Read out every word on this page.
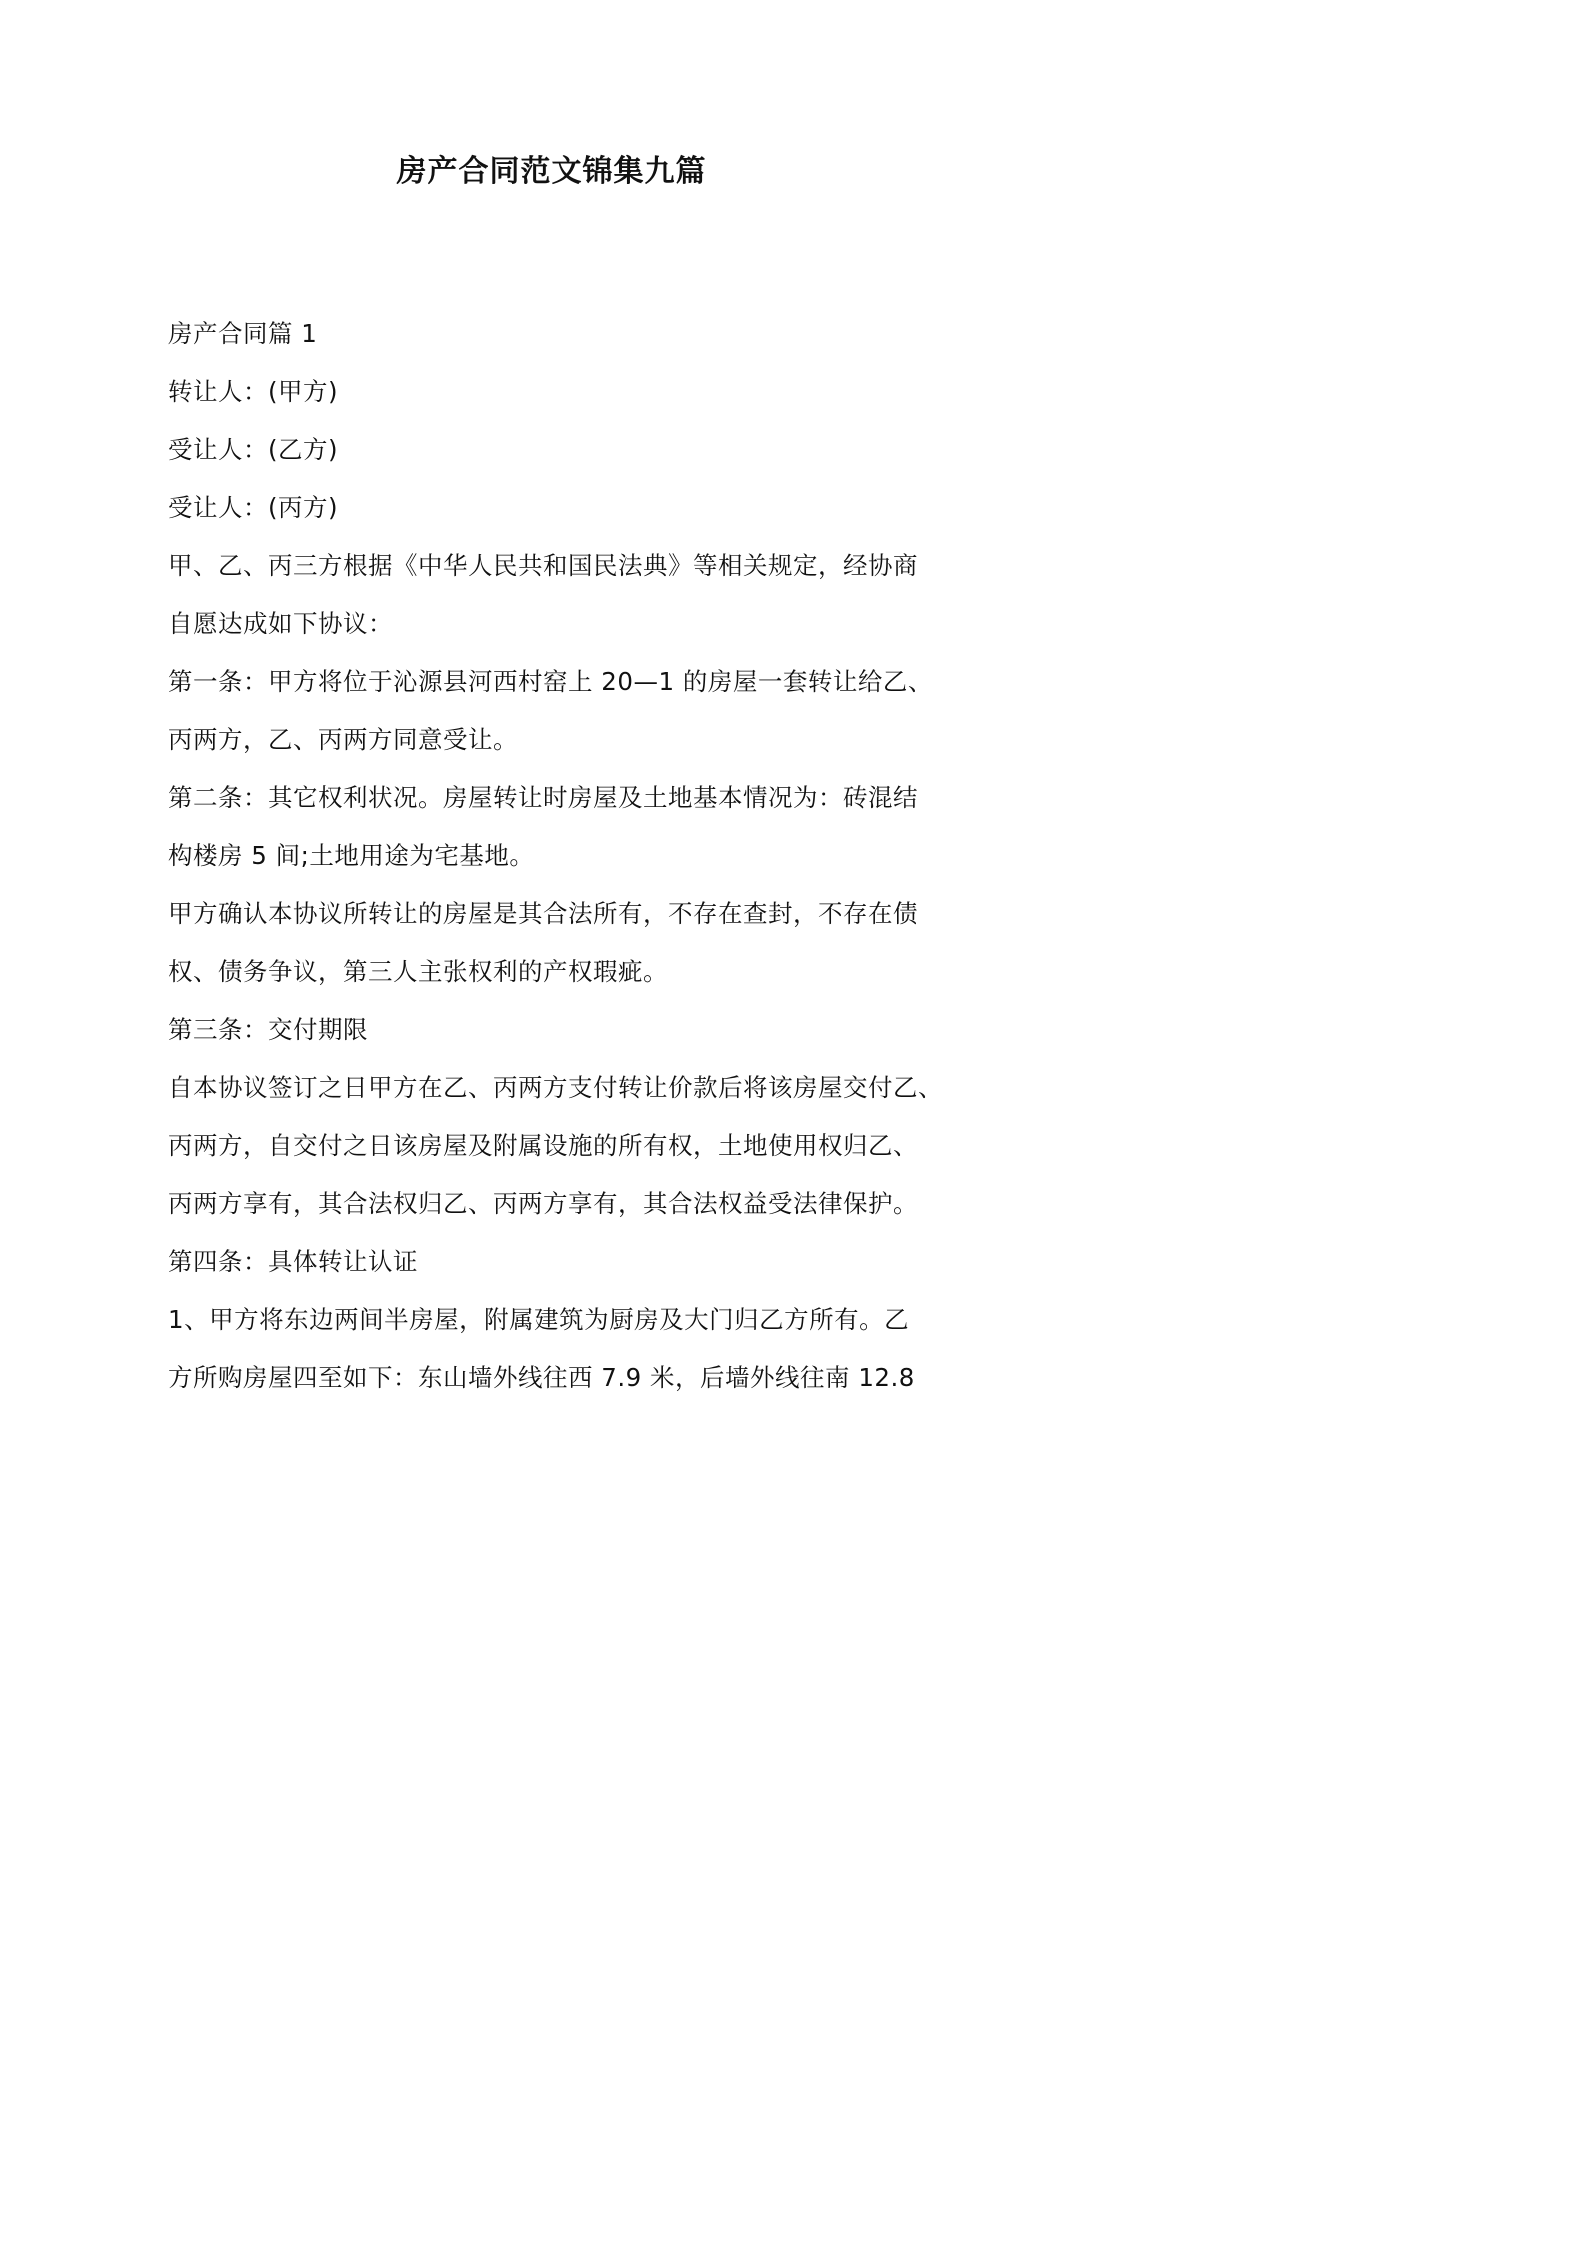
房产合同范文锦集九篇
房产合同篇 1
转让人：(甲方)
受让人：(乙方)
受让人：(丙方)
甲、乙、丙三方根据《中华人民共和国民法典》等相关规定，经协商
自愿达成如下协议：
第一条：甲方将位于沁源县河西村窑上 20—1 的房屋一套转让给乙、
丙两方，乙、丙两方同意受让。
第二条：其它权利状况。房屋转让时房屋及土地基本情况为：砖混结
构楼房 5 间;土地用途为宅基地。
甲方确认本协议所转让的房屋是其合法所有，不存在查封，不存在债
权、债务争议，第三人主张权利的产权瑕疵。
第三条：交付期限
自本协议签订之日甲方在乙、丙两方支付转让价款后将该房屋交付乙、
丙两方，自交付之日该房屋及附属设施的所有权，土地使用权归乙、
丙两方享有，其合法权归乙、丙两方享有，其合法权益受法律保护。
第四条：具体转让认证
1、甲方将东边两间半房屋，附属建筑为厨房及大门归乙方所有。乙
方所购房屋四至如下：东山墙外线往西 7.9 米，后墙外线往南 12.8
